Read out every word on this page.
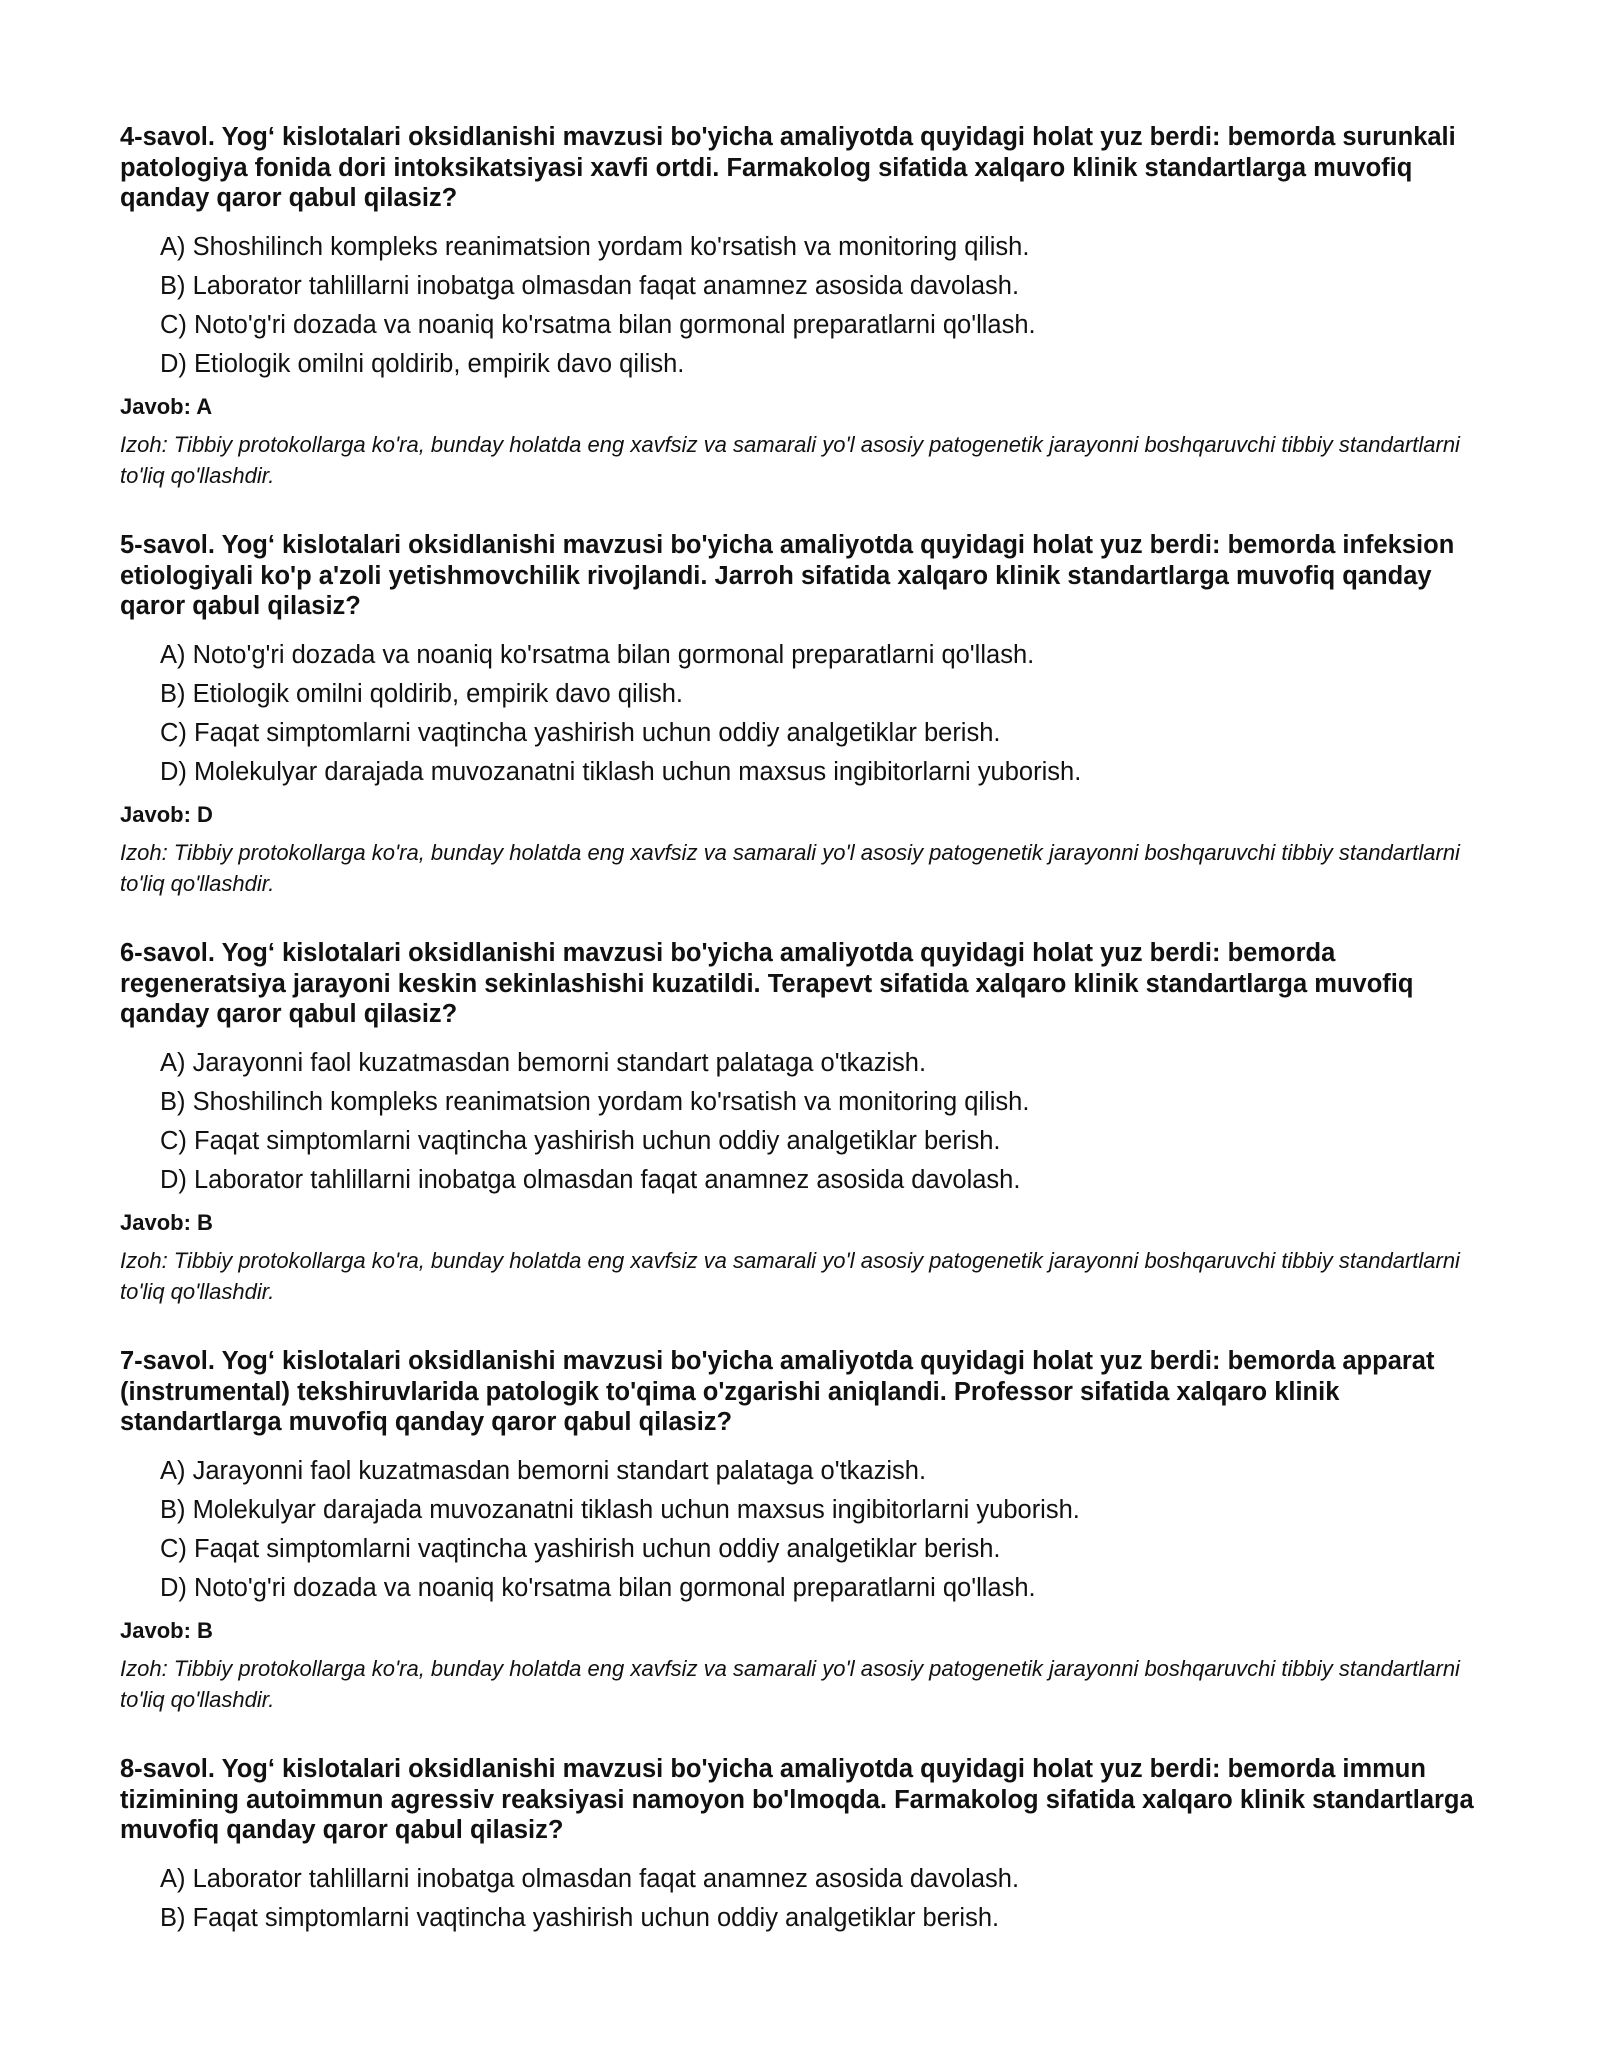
4-savol. Yog‘ kislotalari oksidlanishi mavzusi bo'yicha amaliyotda quyidagi holat yuz berdi: bemorda surunkali patologiya fonida dori intoksikatsiyasi xavfi ortdi. Farmakolog sifatida xalqaro klinik standartlarga muvofiq qanday qaror qabul qilasiz?

A) Shoshilinch kompleks reanimatsion yordam ko'rsatish va monitoring qilish.
B) Laborator tahlillarni inobatga olmasdan faqat anamnez asosida davolash.
C) Noto'g'ri dozada va noaniq ko'rsatma bilan gormonal preparatlarni qo'llash.
D) Etiologik omilni qoldirib, empirik davo qilish.

Javob: A

Izoh: Tibbiy protokollarga ko'ra, bunday holatda eng xavfsiz va samarali yo'l asosiy patogenetik jarayonni boshqaruvchi tibbiy standartlarni to'liq qo'llashdir.

5-savol. Yog‘ kislotalari oksidlanishi mavzusi bo'yicha amaliyotda quyidagi holat yuz berdi: bemorda infeksion etiologiyali ko'p a'zoli yetishmovchilik rivojlandi. Jarroh sifatida xalqaro klinik standartlarga muvofiq qanday qaror qabul qilasiz?

A) Noto'g'ri dozada va noaniq ko'rsatma bilan gormonal preparatlarni qo'llash.
B) Etiologik omilni qoldirib, empirik davo qilish.
C) Faqat simptomlarni vaqtincha yashirish uchun oddiy analgetiklar berish.
D) Molekulyar darajada muvozanatni tiklash uchun maxsus ingibitorlarni yuborish.

Javob: D

Izoh: Tibbiy protokollarga ko'ra, bunday holatda eng xavfsiz va samarali yo'l asosiy patogenetik jarayonni boshqaruvchi tibbiy standartlarni to'liq qo'llashdir.

6-savol. Yog‘ kislotalari oksidlanishi mavzusi bo'yicha amaliyotda quyidagi holat yuz berdi: bemorda regeneratsiya jarayoni keskin sekinlashishi kuzatildi. Terapevt sifatida xalqaro klinik standartlarga muvofiq qanday qaror qabul qilasiz?

A) Jarayonni faol kuzatmasdan bemorni standart palataga o'tkazish.
B) Shoshilinch kompleks reanimatsion yordam ko'rsatish va monitoring qilish.
C) Faqat simptomlarni vaqtincha yashirish uchun oddiy analgetiklar berish.
D) Laborator tahlillarni inobatga olmasdan faqat anamnez asosida davolash.

Javob: B

Izoh: Tibbiy protokollarga ko'ra, bunday holatda eng xavfsiz va samarali yo'l asosiy patogenetik jarayonni boshqaruvchi tibbiy standartlarni to'liq qo'llashdir.

7-savol. Yog‘ kislotalari oksidlanishi mavzusi bo'yicha amaliyotda quyidagi holat yuz berdi: bemorda apparat (instrumental) tekshiruvlarida patologik to'qima o'zgarishi aniqlandi. Professor sifatida xalqaro klinik standartlarga muvofiq qanday qaror qabul qilasiz?

A) Jarayonni faol kuzatmasdan bemorni standart palataga o'tkazish.
B) Molekulyar darajada muvozanatni tiklash uchun maxsus ingibitorlarni yuborish.
C) Faqat simptomlarni vaqtincha yashirish uchun oddiy analgetiklar berish.
D) Noto'g'ri dozada va noaniq ko'rsatma bilan gormonal preparatlarni qo'llash.

Javob: B

Izoh: Tibbiy protokollarga ko'ra, bunday holatda eng xavfsiz va samarali yo'l asosiy patogenetik jarayonni boshqaruvchi tibbiy standartlarni to'liq qo'llashdir.

8-savol. Yog‘ kislotalari oksidlanishi mavzusi bo'yicha amaliyotda quyidagi holat yuz berdi: bemorda immun tizimining autoimmun agressiv reaksiyasi namoyon bo'lmoqda. Farmakolog sifatida xalqaro klinik standartlarga muvofiq qanday qaror qabul qilasiz?

A) Laborator tahlillarni inobatga olmasdan faqat anamnez asosida davolash.
B) Faqat simptomlarni vaqtincha yashirish uchun oddiy analgetiklar berish.
